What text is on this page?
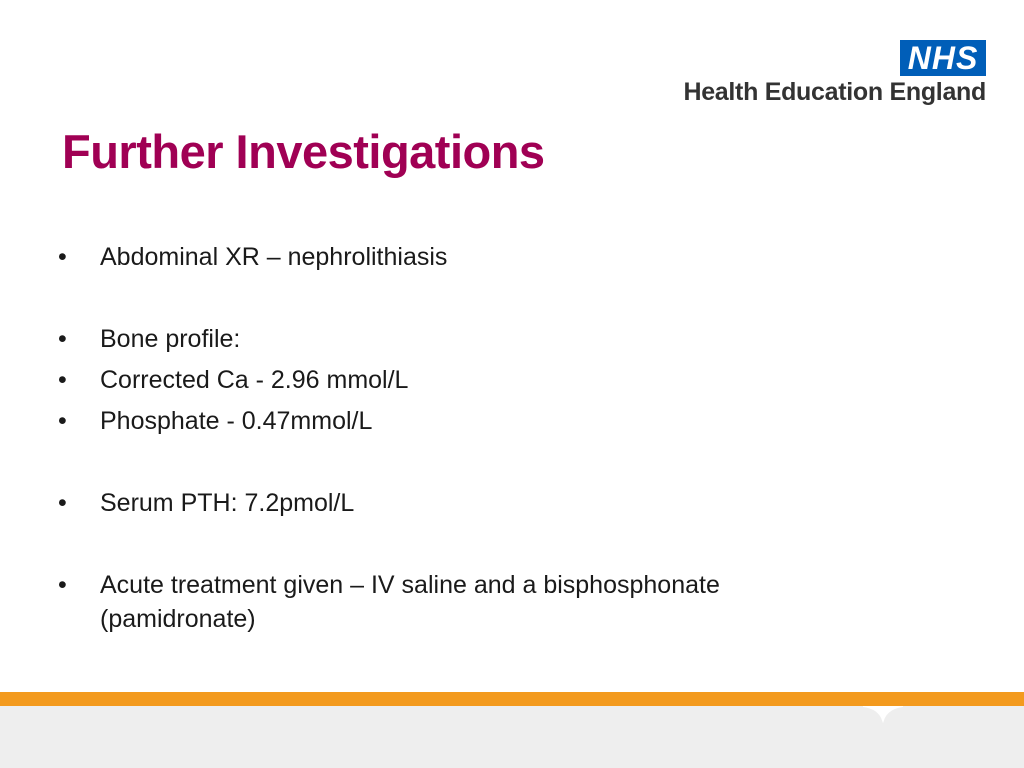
NHS
Health Education England
Further Investigations
• Abdominal XR – nephrolithiasis
• Bone profile:
• Corrected Ca - 2.96 mmol/L
• Phosphate - 0.47mmol/L
• Serum PTH: 7.2pmol/L
• Acute treatment given – IV saline and a bisphosphonate (pamidronate)
